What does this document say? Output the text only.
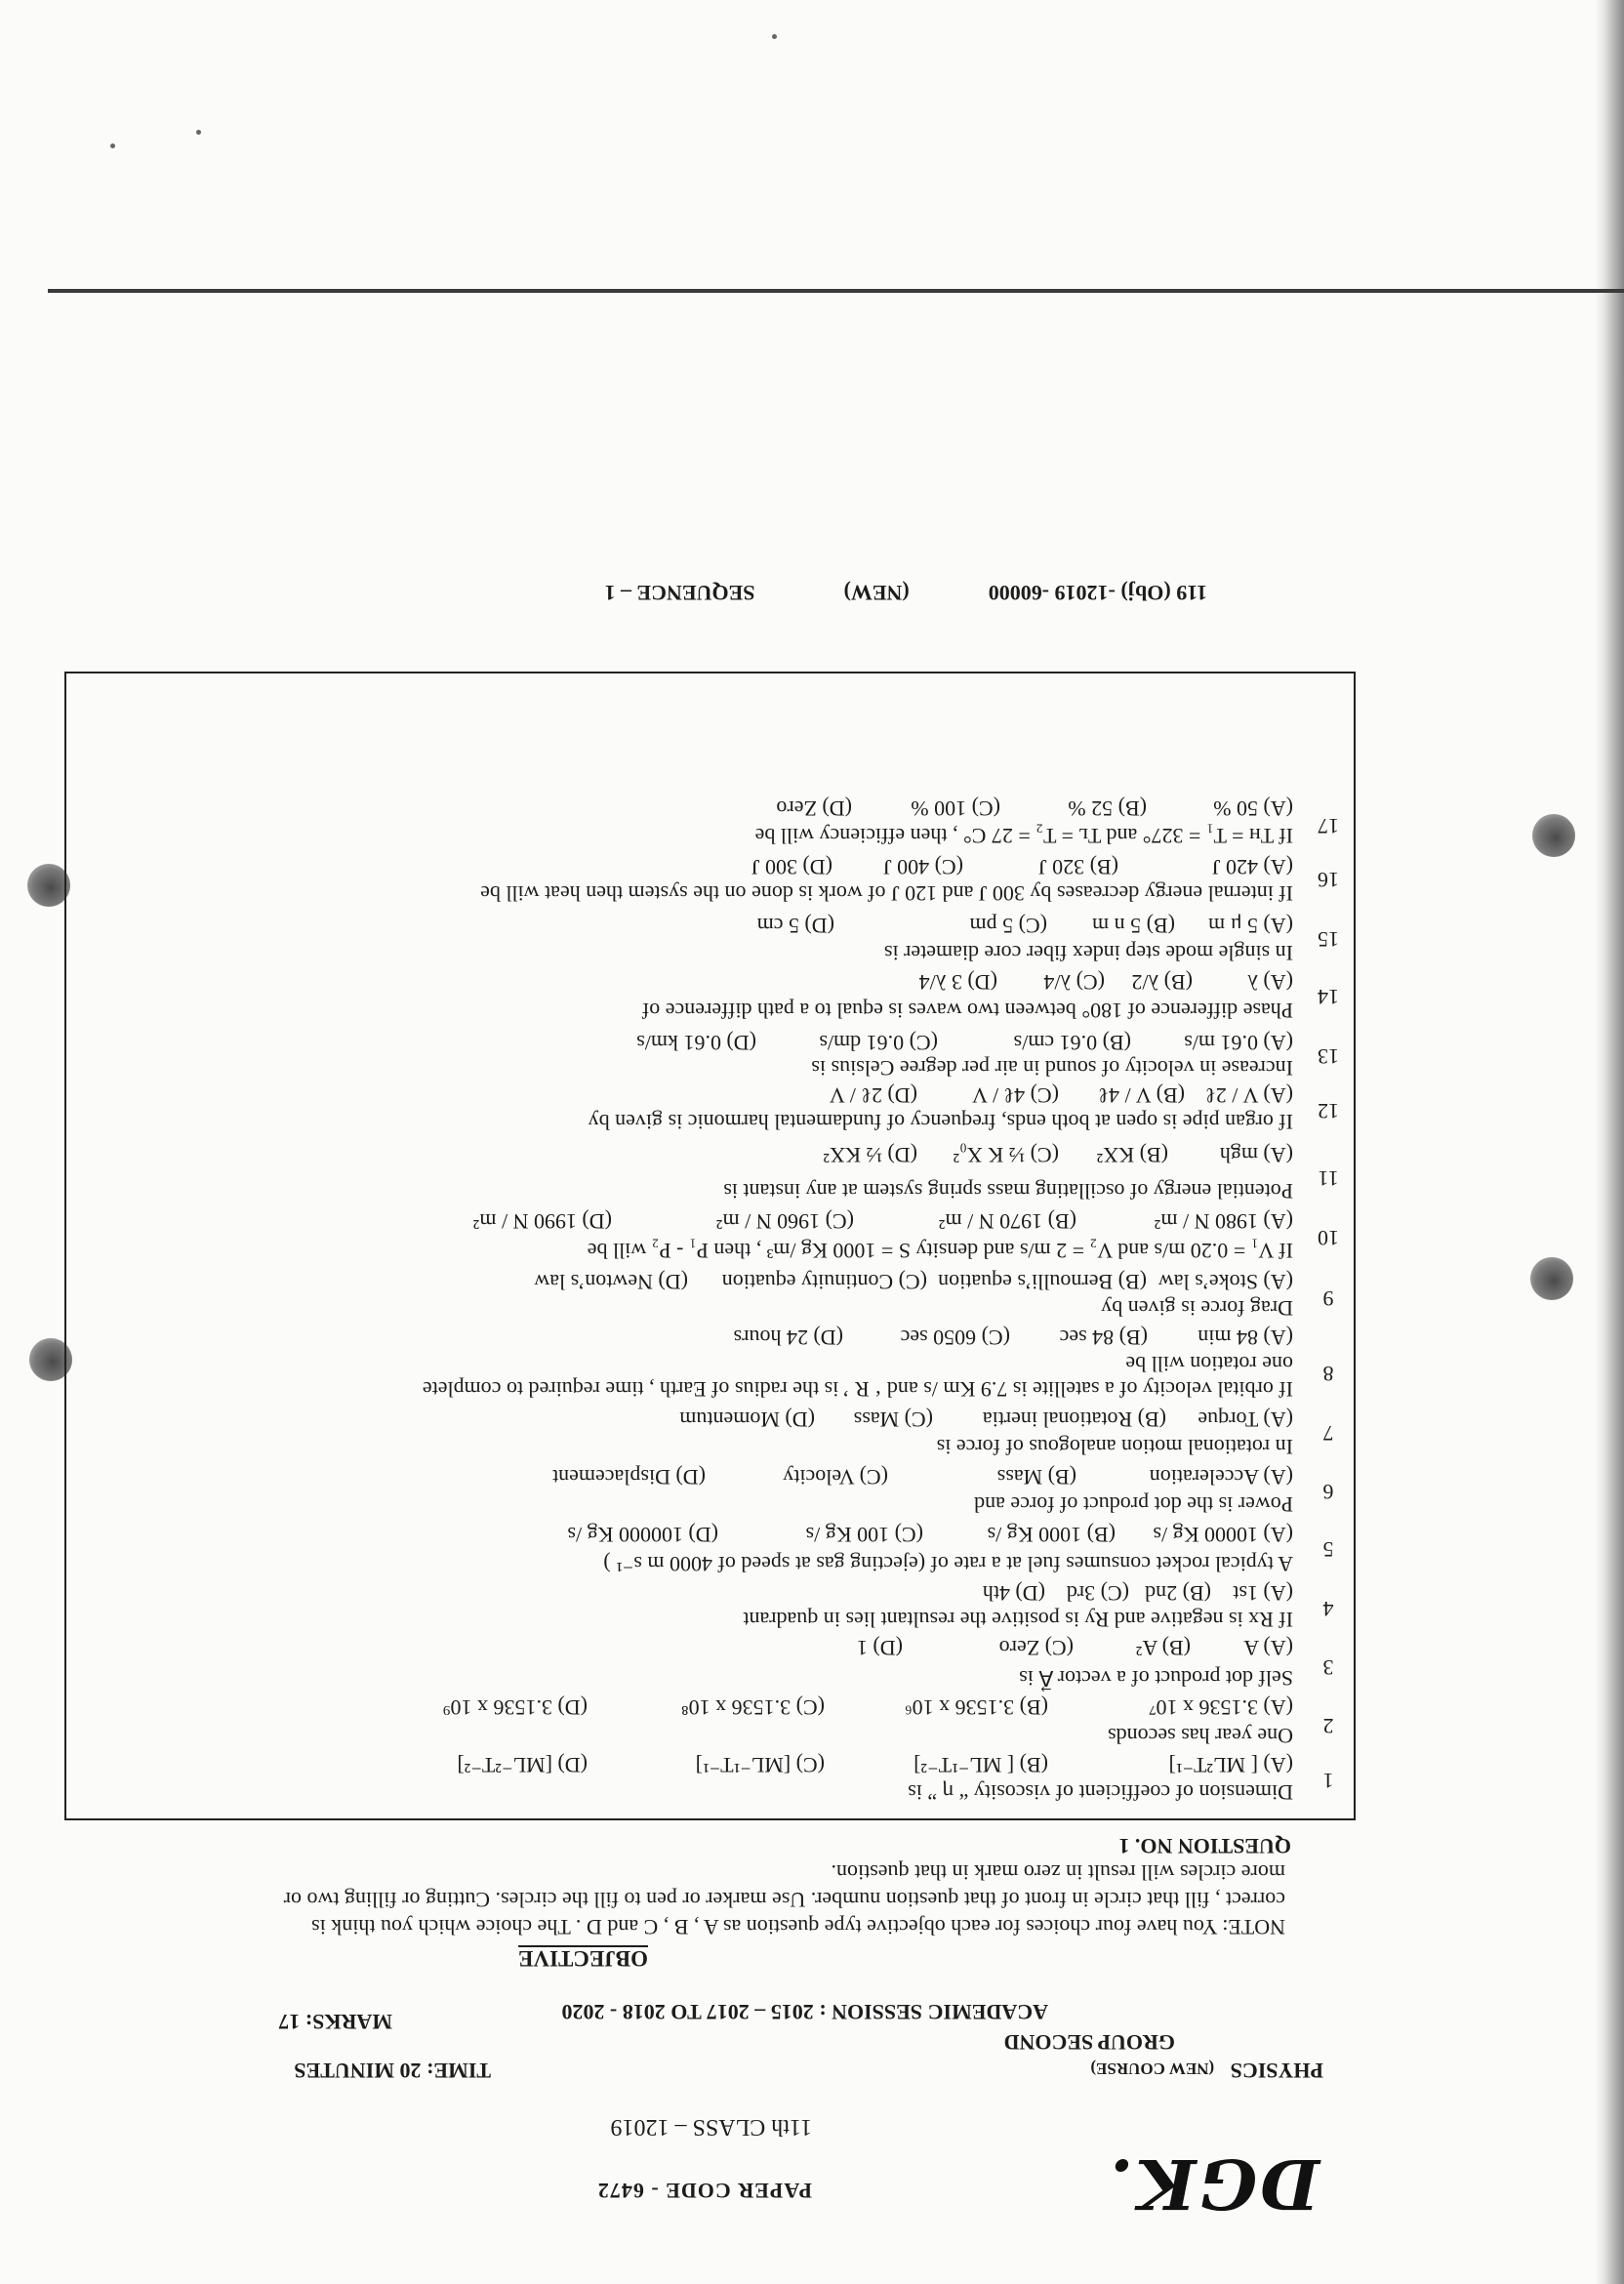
DGK.
PAPER CODE - 6472
11th CLASS – 12019
PHYSICS   (NEW COURSE)
TIME: 20 MINUTES
GROUP SECOND
MARKS: 17	ACADEMIC SESSION : 2015 – 2017 TO 2018 - 2020
OBJECTIVE
NOTE: You have four choices for each objective type question as A , B , C and D . The choice which you think is correct , fill that circle in front of that question number. Use marker or pen to fill the circles. Cutting or filling two or more circles will result in zero mark in that question.
QUESTION NO. 1
1
Dimension of coefficient of viscosity “ η ” is
(A) [ ML²T⁻¹]
(B) [ ML⁻¹T⁻²]
(C) [ML⁻¹T⁻¹]
(D) [ML⁻²T⁻²]
2
One year has seconds
(A) 3.1536 x 10⁷
(B) 3.1536 x 10⁶
(C) 3.1536 x 10⁸
(D) 3.1536 x 10⁹
3
Self dot product of a vector A⃗ is
(A) A
(B) A²
(C) Zero
(D) 1
4
If Rx is negative and Ry is positive the resultant lies in quadrant
(A) 1st
(B) 2nd
(C) 3rd
(D) 4th
5
A typical rocket consumes fuel at a rate of (ejecting gas at speed of 4000 m s⁻¹ )
(A) 10000 Kg /s
(B) 1000 Kg /s
(C) 100 Kg /s
(D) 100000 Kg /s
6
Power is the dot product of force and
(A) Acceleration
(B) Mass
(C) Velocity
(D) Displacement
7
In rotational motion analogous of force is
(A) Torque
(B) Rotational inertia
(C) Mass
(D) Momentum
8
If orbital velocity of a satellite is 7.9 Km /s and ‘ R ’ is the radius of Earth , time required to complete
one rotation will be
(A) 84 min
(B) 84 sec
(C) 6050 sec
(D) 24 hours
9
Drag force is given by
(A) Stoke’s law
(B) Bernoulli’s equation
(C) Continuity equation
(D) Newton’s law
10
If V₁ = 0.20 m/s and V₂ = 2 m/s and density S = 1000 Kg /m³ , then P₁ - P₂ will be
(A) 1980 N / m²
(B) 1970 N / m²
(C) 1960 N / m²
(D) 1990 N / m²
11
Potential energy of oscillating mass spring system at any instant is
(A) mgh
(B) KX²
(C) ½ K X₀²
(D) ½ KX²
12
If organ pipe is open at both ends, frequency of fundamental harmonic is given by
(A) V / 2ℓ
(B) V / 4ℓ
(C) 4ℓ / V
(D) 2ℓ / V
13
Increase in velocity of sound in air per degree Celsius is
(A) 0.61 m/s
(B) 0.61 cm/s
(C) 0.61 dm/s
(D) 0.61 km/s
14
Phase difference of 180° between two waves is equal to a path difference of
(A) λ
(B) λ/2
(C) λ/4
(D) 3 λ/4
15
In single mode step index fiber core diameter is
(A) 5 μ m
(B) 5 n m
(C) 5 pm
(D) 5 cm
16
If internal energy decreases by 300 J and 120 J of work is done on the system then heat will be
(A) 420 J
(B) 320 J
(C) 400 J
(D) 300 J
17
If Tʜ = T₁ = 327° and Tʟ = T₂ = 27 C° , then efficiency will be
(A) 50 %
(B) 52 %
(C) 100 %
(D) Zero
119 (Obj) -12019 -60000  (NEW)  SEQUENCE – 1
